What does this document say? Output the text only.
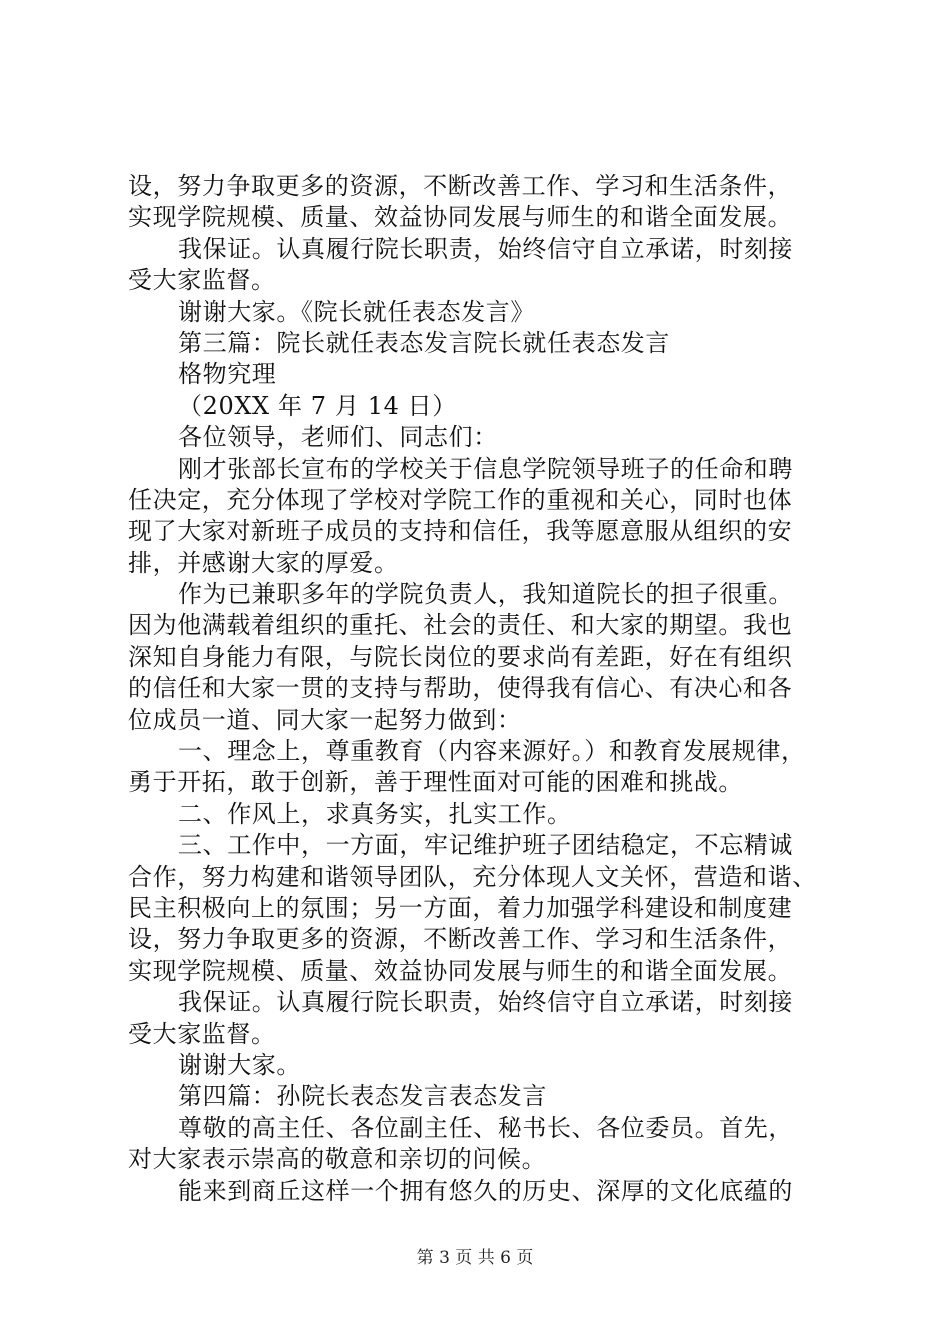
设，努力争取更多的资源，不断改善工作、学习和生活条件，
实现学院规模、质量、效益协同发展与师生的和谐全面发展。
我保证。认真履行院长职责，始终信守自立承诺，时刻接
受大家监督。
谢谢大家。《院长就任表态发言》
第三篇：院长就任表态发言院长就任表态发言
格物究理
（20XX 年 7 月 14 日）
各位领导，老师们、同志们：
刚才张部长宣布的学校关于信息学院领导班子的任命和聘
任决定，充分体现了学校对学院工作的重视和关心，同时也体
现了大家对新班子成员的支持和信任，我等愿意服从组织的安
排，并感谢大家的厚爱。
作为已兼职多年的学院负责人，我知道院长的担子很重。
因为他满载着组织的重托、社会的责任、和大家的期望。我也
深知自身能力有限，与院长岗位的要求尚有差距，好在有组织
的信任和大家一贯的支持与帮助，使得我有信心、有决心和各
位成员一道、同大家一起努力做到：
一、理念上，尊重教育（内容来源好。）和教育发展规律，
勇于开拓，敢于创新，善于理性面对可能的困难和挑战。
二、作风上，求真务实，扎实工作。
三、工作中，一方面，牢记维护班子团结稳定，不忘精诚
合作，努力构建和谐领导团队，充分体现人文关怀，营造和谐、
民主积极向上的氛围；另一方面，着力加强学科建设和制度建
设，努力争取更多的资源，不断改善工作、学习和生活条件，
实现学院规模、质量、效益协同发展与师生的和谐全面发展。
我保证。认真履行院长职责，始终信守自立承诺，时刻接
受大家监督。
谢谢大家。
第四篇：孙院长表态发言表态发言
尊敬的高主任、各位副主任、秘书长、各位委员。首先，
对大家表示崇高的敬意和亲切的问候。
能来到商丘这样一个拥有悠久的历史、深厚的文化底蕴的
第 3 页 共 6 页
